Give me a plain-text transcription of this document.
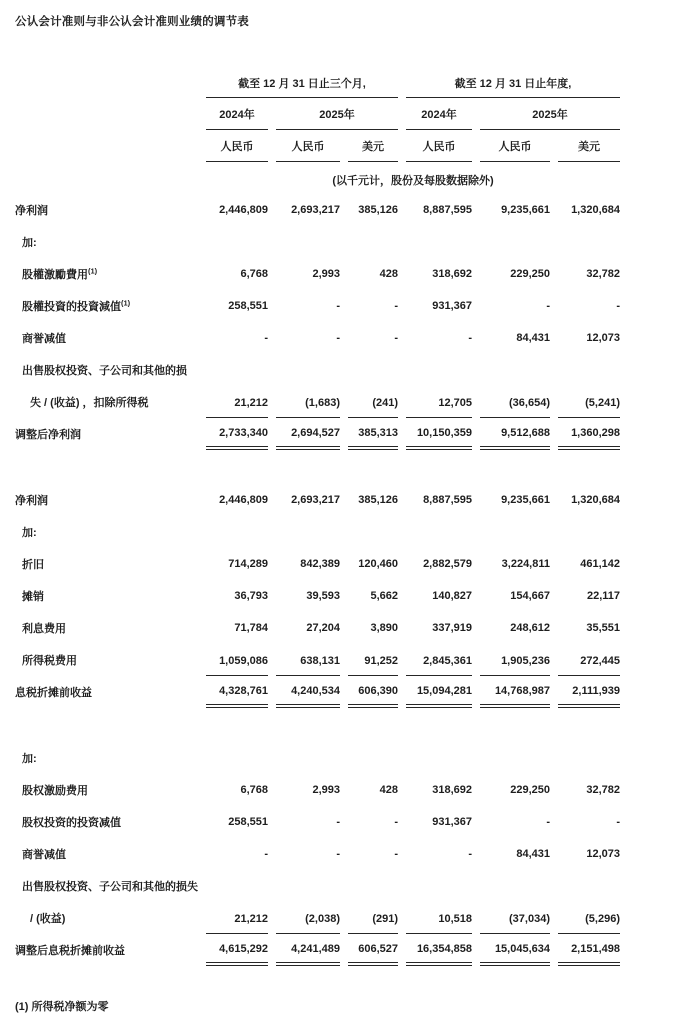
公认会计准则与非公认会计准则业绩的调节表
	截至 12 月 31 日止三个月,			截至 12 月 31 日止年度,		
	2024年	2025年		2024年	2025年	
	人民币	人民币	美元	人民币	人民币	美元
	(以千元计，股份及每股数据除外)					
净利润	2,446,809	2,693,217	385,126	8,887,595	9,235,661	1,320,684
加:						
股權激勵費用$^{(1)}$	6,768	2,993	428	318,692	229,250	32,782
股權投資的投資減值$^{(1)}$	258,551	-	-	931,367	-	-
商誉减值	-	-	-	-	84,431	12,073
出售股权投资、子公司和其他的损						
失 / (收益) ，扣除所得税	21,212	(1,683)	(241)	12,705	(36,654)	(5,241)
调整后净利润	2,733,340	2,694,527	385,313	10,150,359	9,512,688	1,360,298

净利润	2,446,809	2,693,217	385,126	8,887,595	9,235,661	1,320,684
加:						
折旧	714,289	842,389	120,460	2,882,579	3,224,811	461,142
摊销	36,793	39,593	5,662	140,827	154,667	22,117
利息费用	71,784	27,204	3,890	337,919	248,612	35,551
所得税费用	1,059,086	638,131	91,252	2,845,361	1,905,236	272,445
息税折摊前收益	4,328,761	4,240,534	606,390	15,094,281	14,768,987	2,111,939

加:						
股权激励费用	6,768	2,993	428	318,692	229,250	32,782
股权投资的投资减值	258,551	-	-	931,367	-	-
商誉减值	-	-	-	-	84,431	12,073
出售股权投资、子公司和其他的损失						
/ (收益)	21,212	(2,038)	(291)	10,518	(37,034)	(5,296)
调整后息税折摊前收益	4,615,292	4,241,489	606,527	16,354,858	15,045,634	2,151,498
(1) 所得税净额为零
